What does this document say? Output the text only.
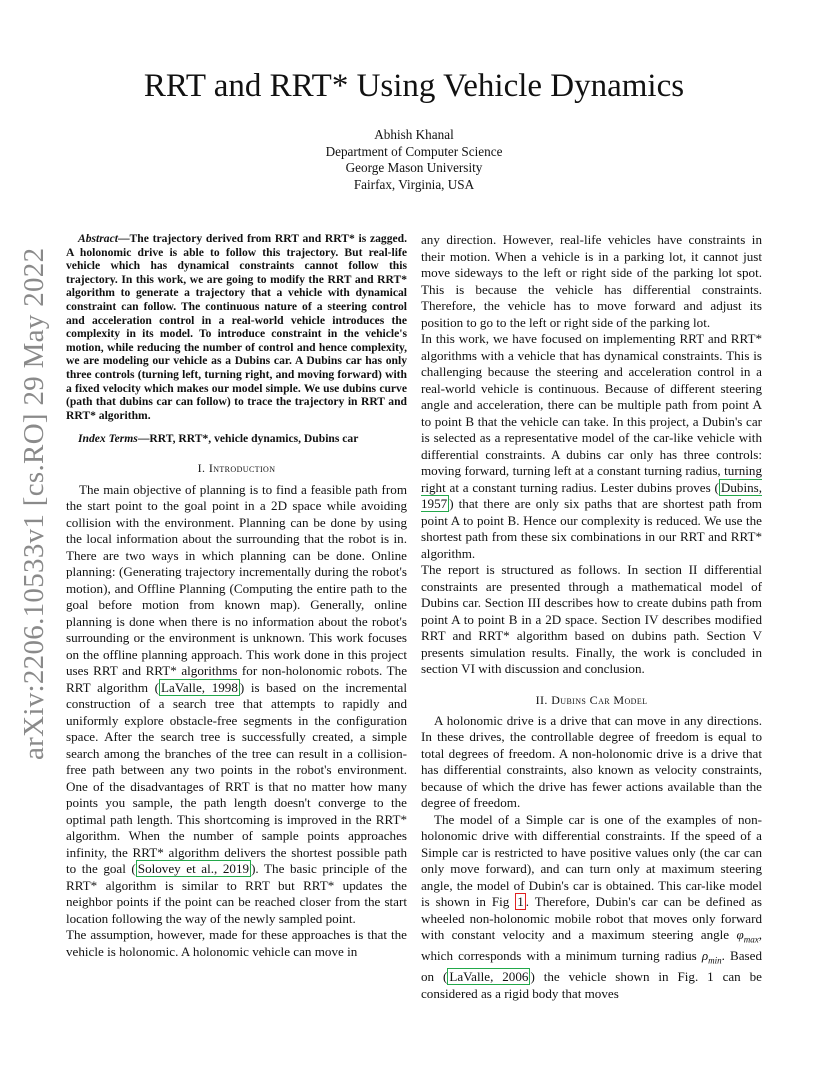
arXiv:2206.10533v1 [cs.RO] 29 May 2022
RRT and RRT* Using Vehicle Dynamics
Abhish Khanal
Department of Computer Science
George Mason University
Fairfax, Virginia, USA

Abstract—The trajectory derived from RRT and RRT* is zagged. A holonomic drive is able to follow this trajectory. But real-life vehicle which has dynamical constraints cannot follow this trajectory. In this work, we are going to modify the RRT and RRT* algorithm to generate a trajectory that a vehicle with dynamical constraint can follow. The continuous nature of a steering control and acceleration control in a real-world vehicle introduces the complexity in its model. To introduce constraint in the vehicle's motion, while reducing the number of control and hence complexity, we are modeling our vehicle as a Dubins car. A Dubins car has only three controls (turning left, turning right, and moving forward) with a fixed velocity which makes our model simple. We use dubins curve (path that dubins car can follow) to trace the trajectory in RRT and RRT* algorithm.

Index Terms—RRT, RRT*, vehicle dynamics, Dubins car

I. Introduction

The main objective of planning is to find a feasible path from the start point to the goal point in a 2D space while avoiding collision with the environment. Planning can be done by using the local information about the surrounding that the robot is in. There are two ways in which planning can be done. Online planning: (Generating trajectory incrementally during the robot's motion), and Offline Planning (Computing the entire path to the goal before motion from known map). Generally, online planning is done when there is no information about the robot's surrounding or the environment is unknown. This work focuses on the offline planning approach. This work done in this project uses RRT and RRT* algorithms for non-holonomic robots. The RRT algorithm ( LaValle, 1998 ) is based on the incremental construction of a search tree that attempts to rapidly and uniformly explore obstacle-free segments in the configuration space. After the search tree is successfully created, a simple search among the branches of the tree can result in a collision-free path between any two points in the robot's environment. One of the disadvantages of RRT is that no matter how many points you sample, the path length doesn't converge to the optimal path length. This shortcoming is improved in the RRT* algorithm. When the number of sample points approaches infinity, the RRT* algorithm delivers the shortest possible path to the goal ( Solovey et al., 2019 ). The basic principle of the RRT* algorithm is similar to RRT but RRT* updates the neighbor points if the point can be reached closer from the start location following the way of the newly sampled point.

The assumption, however, made for these approaches is that the vehicle is holonomic. A holonomic vehicle can move in

any direction. However, real-life vehicles have constraints in their motion. When a vehicle is in a parking lot, it cannot just move sideways to the left or right side of the parking lot spot. This is because the vehicle has differential constraints. Therefore, the vehicle has to move forward and adjust its position to go to the left or right side of the parking lot.

In this work, we have focused on implementing RRT and RRT* algorithms with a vehicle that has dynamical constraints. This is challenging because the steering and acceleration control in a real-world vehicle is continuous. Because of different steering angle and acceleration, there can be multiple path from point A to point B that the vehicle can take. In this project, a Dubin's car is selected as a representative model of the car-like vehicle with differential constraints. A dubins car only has three controls: moving forward, turning left at a constant turning radius, turning right at a constant turning radius. Lester dubins proves ( Dubins, 1957 ) that there are only six paths that are shortest path from point A to point B. Hence our complexity is reduced. We use the shortest path from these six combinations in our RRT and RRT* algorithm.

The report is structured as follows. In section II differential constraints are presented through a mathematical model of Dubins car. Section III describes how to create dubins path from point A to point B in a 2D space. Section IV describes modified RRT and RRT* algorithm based on dubins path. Section V presents simulation results. Finally, the work is concluded in section VI with discussion and conclusion.

II. Dubins Car Model

A holonomic drive is a drive that can move in any directions. In these drives, the controllable degree of freedom is equal to total degrees of freedom. A non-holonomic drive is a drive that has differential constraints, also known as velocity constraints, because of which the drive has fewer actions available than the degree of freedom.

The model of a Simple car is one of the examples of non-holonomic drive with differential constraints. If the speed of a Simple car is restricted to have positive values only (the car can only move forward), and can turn only at maximum steering angle, the model of Dubin's car is obtained. This car-like model is shown in Fig 1 . Therefore, Dubin's car can be defined as wheeled non-holonomic mobile robot that moves only forward with constant velocity and a maximum steering angle $\varphi_{max}$, which corresponds with a minimum turning radius $\rho_{min}$. Based on ( LaValle, 2006 ) the vehicle shown in Fig. 1 can be considered as a rigid body that moves
